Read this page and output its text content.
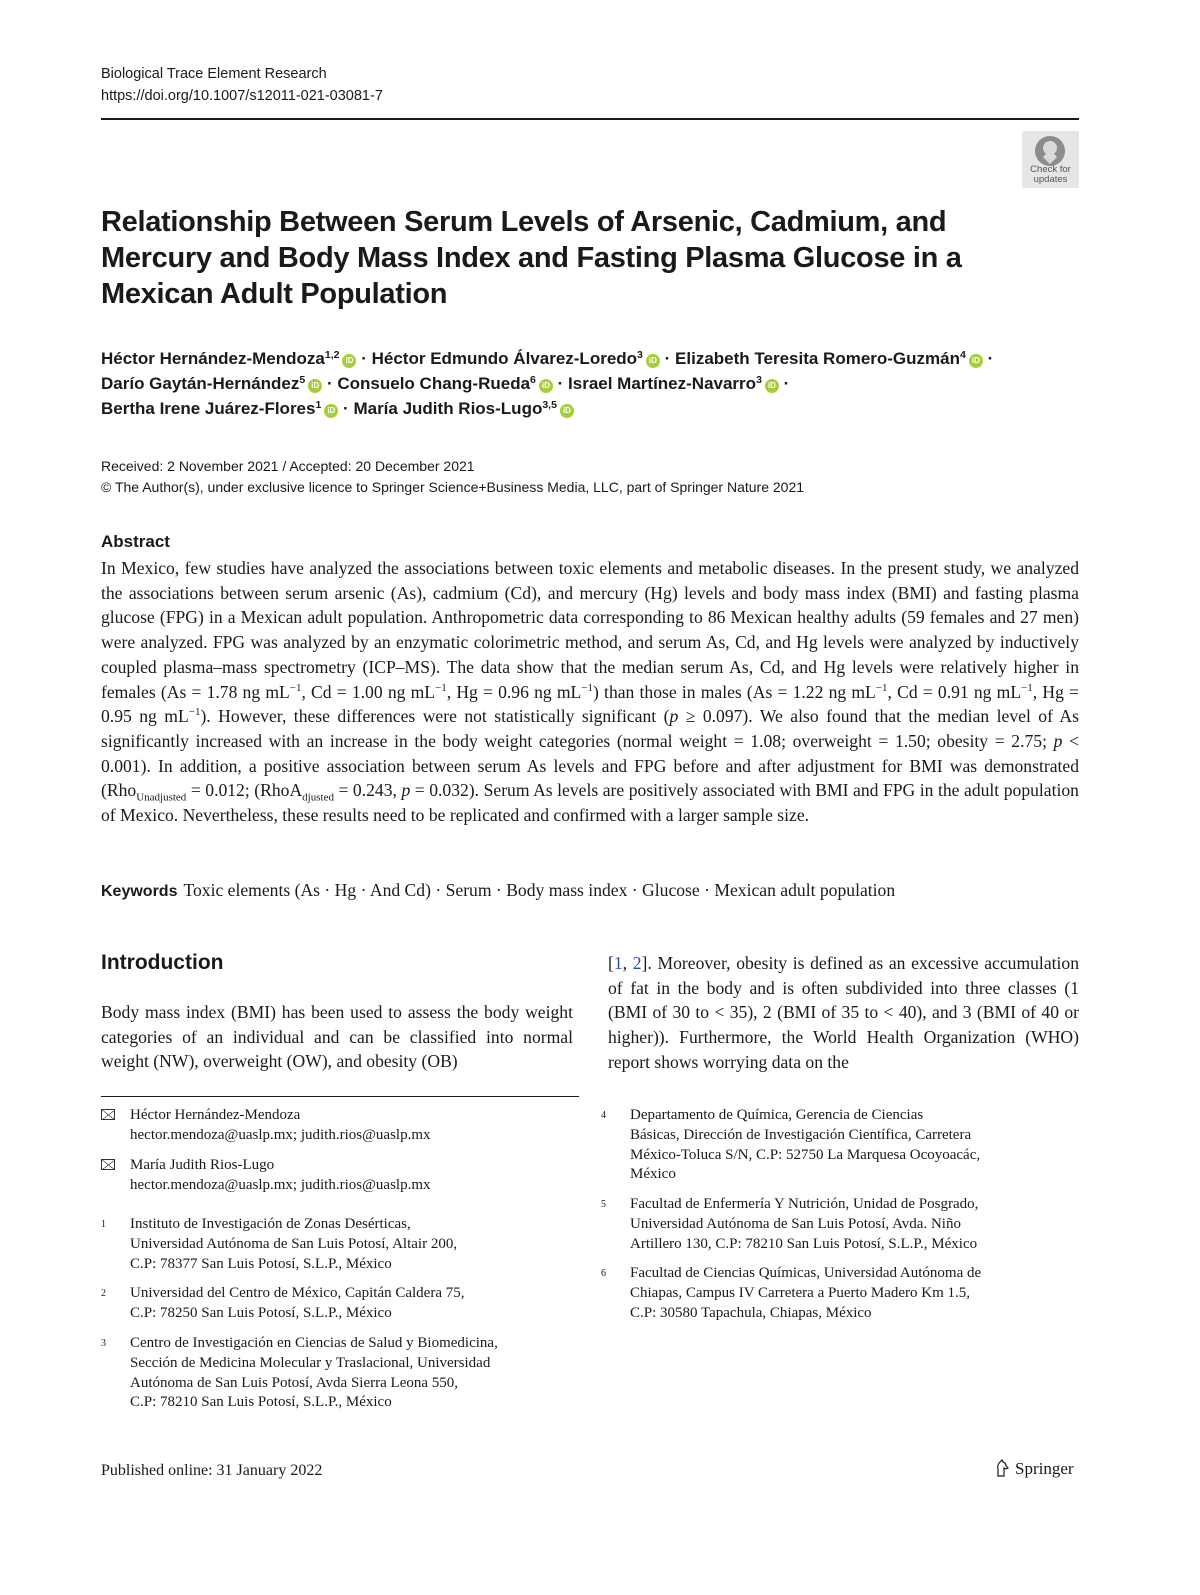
Biological Trace Element Research
https://doi.org/10.1007/s12011-021-03081-7
Check for
updates
Relationship Between Serum Levels of Arsenic, Cadmium, and Mercury and Body Mass Index and Fasting Plasma Glucose in a Mexican Adult Population
Héctor Hernández-Mendoza$^{1,2}$ iD · Héctor Edmundo Álvarez-Loredo$^3$ iD · Elizabeth Teresita Romero-Guzmán$^4$ iD ·
Darío Gaytán-Hernández$^5$ iD · Consuelo Chang-Rueda$^6$ iD · Israel Martínez-Navarro$^3$ iD ·
Bertha Irene Juárez-Flores$^1$ iD · María Judith Rios-Lugo$^{3,5}$ iD
Received: 2 November 2021 / Accepted: 20 December 2021
© The Author(s), under exclusive licence to Springer Science+Business Media, LLC, part of Springer Nature 2021
Abstract
In Mexico, few studies have analyzed the associations between toxic elements and metabolic diseases. In the present study, we analyzed the associations between serum arsenic (As), cadmium (Cd), and mercury (Hg) levels and body mass index (BMI) and fasting plasma glucose (FPG) in a Mexican adult population. Anthropometric data corresponding to 86 Mexican healthy adults (59 females and 27 men) were analyzed. FPG was analyzed by an enzymatic colorimetric method, and serum As, Cd, and Hg levels were analyzed by inductively coupled plasma–mass spectrometry (ICP–MS). The data show that the median serum As, Cd, and Hg levels were relatively higher in females (As = 1.78 ng $mL^{-1}$, Cd = 1.00 ng $mL^{-1}$, Hg = 0.96 ng $mL^{-1}$) than those in males (As = 1.22 ng $mL^{-1}$, Cd = 0.91 ng $mL^{-1}$, Hg = 0.95 ng $mL^{-1}$). However, these differences were not statistically significant (p ≥ 0.097). We also found that the median level of As significantly increased with an increase in the body weight categories (normal weight = 1.08; overweight = 1.50; obesity = 2.75; p < 0.001). In addition, a positive association between serum As levels and FPG before and after adjustment for BMI was demonstrated (Rho$_{Unadjusted}$ = 0.012; (RhoA$_{djusted}$ = 0.243, p = 0.032). Serum As levels are positively associated with BMI and FPG in the adult population of Mexico. Nevertheless, these results need to be replicated and confirmed with a larger sample size.
Keywords Toxic elements (As · Hg · And Cd) · Serum · Body mass index · Glucose · Mexican adult population
Introduction
Body mass index (BMI) has been used to assess the body weight categories of an individual and can be classified into normal weight (NW), overweight (OW), and obesity (OB)
[1, 2]. Moreover, obesity is defined as an excessive accumulation of fat in the body and is often subdivided into three classes (1 (BMI of 30 to < 35), 2 (BMI of 35 to < 40), and 3 (BMI of 40 or higher)). Furthermore, the World Health Organization (WHO) report shows worrying data on the
Héctor Hernández-Mendoza
hector.mendoza@uaslp.mx; judith.rios@uaslp.mx
María Judith Rios-Lugo
hector.mendoza@uaslp.mx; judith.rios@uaslp.mx
1 Instituto de Investigación de Zonas Desérticas,
Universidad Autónoma de San Luis Potosí, Altair 200,
C.P: 78377 San Luis Potosí, S.L.P., México
2 Universidad del Centro de México, Capitán Caldera 75,
C.P: 78250 San Luis Potosí, S.L.P., México
3 Centro de Investigación en Ciencias de Salud y Biomedicina,
Sección de Medicina Molecular y Traslacional, Universidad
Autónoma de San Luis Potosí, Avda Sierra Leona 550,
C.P: 78210 San Luis Potosí, S.L.P., México
4 Departamento de Química, Gerencia de Ciencias
Básicas, Dirección de Investigación Científica, Carretera
México-Toluca S/N, C.P: 52750 La Marquesa Ocoyoacác,
México
5 Facultad de Enfermería Y Nutrición, Unidad de Posgrado,
Universidad Autónoma de San Luis Potosí, Avda. Niño
Artillero 130, C.P: 78210 San Luis Potosí, S.L.P., México
6 Facultad de Ciencias Químicas, Universidad Autónoma de
Chiapas, Campus IV Carretera a Puerto Madero Km 1.5,
C.P: 30580 Tapachula, Chiapas, México
Published online: 31 January 2022	Springer
